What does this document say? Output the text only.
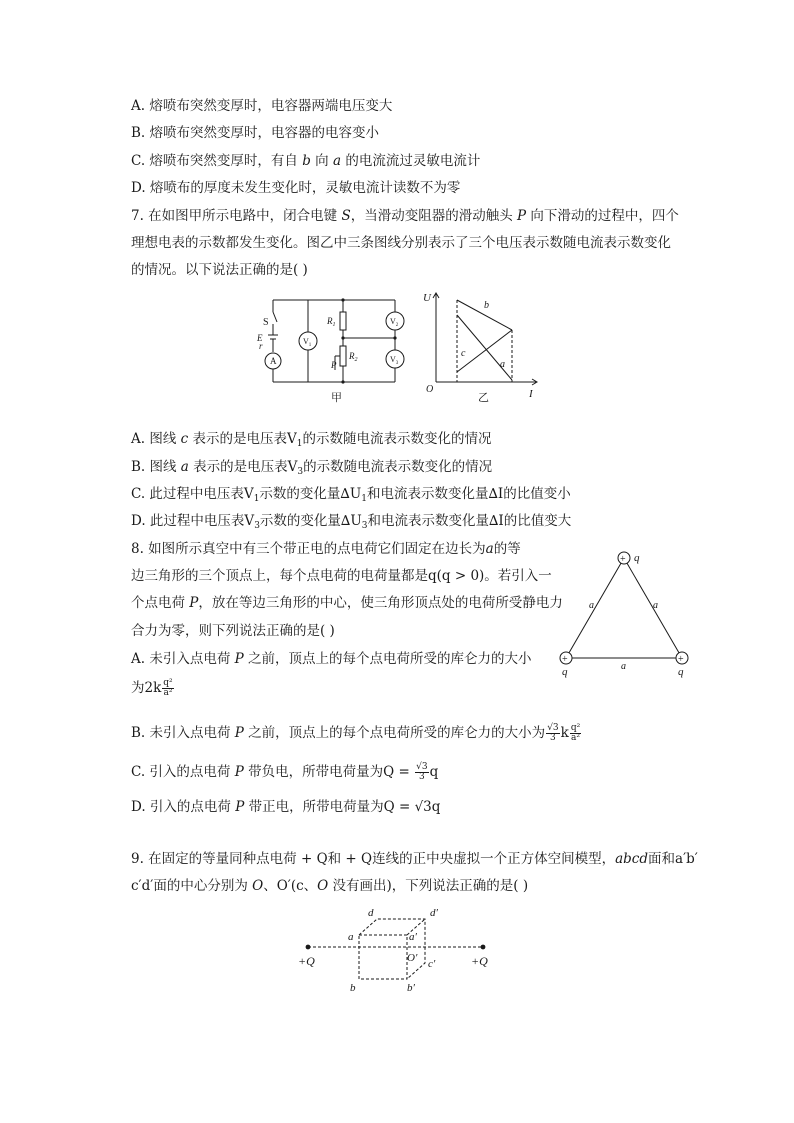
A. 熔喷布突然变厚时，电容器两端电压变大
B. 熔喷布突然变厚时，电容器的电容变小
C. 熔喷布突然变厚时，有自 b 向 a 的电流流过灵敏电流计
D. 熔喷布的厚度未发生变化时，灵敏电流计读数不为零
7. 在如图甲所示电路中，闭合电键 S，当滑动变阻器的滑动触头 P 向下滑动的过程中，四个
理想电表的示数都发生变化。图乙中三条图线分别表示了三个电压表示数随电流表示数变化
的情况。以下说法正确的是( )
S
E
r
A
$V_1$
$R_1$
$R_2$
P
$V_2$
$V_3$
甲
U
I
O
b
c
a
乙
A. 图线 c 表示的是电压表$V_1$的示数随电流表示数变化的情况
B. 图线 a 表示的是电压表$V_3$的示数随电流表示数变化的情况
C. 此过程中电压表$V_1$示数的变化量$\Delta U_1$和电流表示数变化量∆I的比值变小
D. 此过程中电压表$V_3$示数的变化量$\Delta U_3$和电流表示数变化量∆I的比值变大
8. 如图所示真空中有三个带正电的点电荷它们固定在边长为a的等
边三角形的三个顶点上，每个点电荷的电荷量都是q(q > 0)。若引入一
个点电荷 P，放在等边三角形的中心，使三角形顶点处的电荷所受静电力
合力为零，则下列说法正确的是( )
A. 未引入点电荷 P 之前，顶点上的每个点电荷所受的库仑力的大小
为$2k \frac{\text{q²}}{\text{a²}}$
B. 未引入点电荷 P 之前，顶点上的每个点电荷所受的库仑力的大小为 $\frac{√3}{3}$ k $\frac{\text{q²}}{\text{a²}}$
C. 引入的点电荷 P 带负电，所带电荷量为$Q = \frac{√3}{3}$ q
D. 引入的点电荷 P 带正电，所带电荷量为Q = √3q
+
+	+
q
q	q
a	a
a
9. 在固定的等量同种点电荷 + Q和 + Q连线的正中央虚拟一个正方体空间模型，abcd面和a′b′
c′d′面的中心分别为 O、O′(c、O 没有画出)，下列说法正确的是( )
d	d′
a	a′
O′ c′
b	b′
+Q	+Q
